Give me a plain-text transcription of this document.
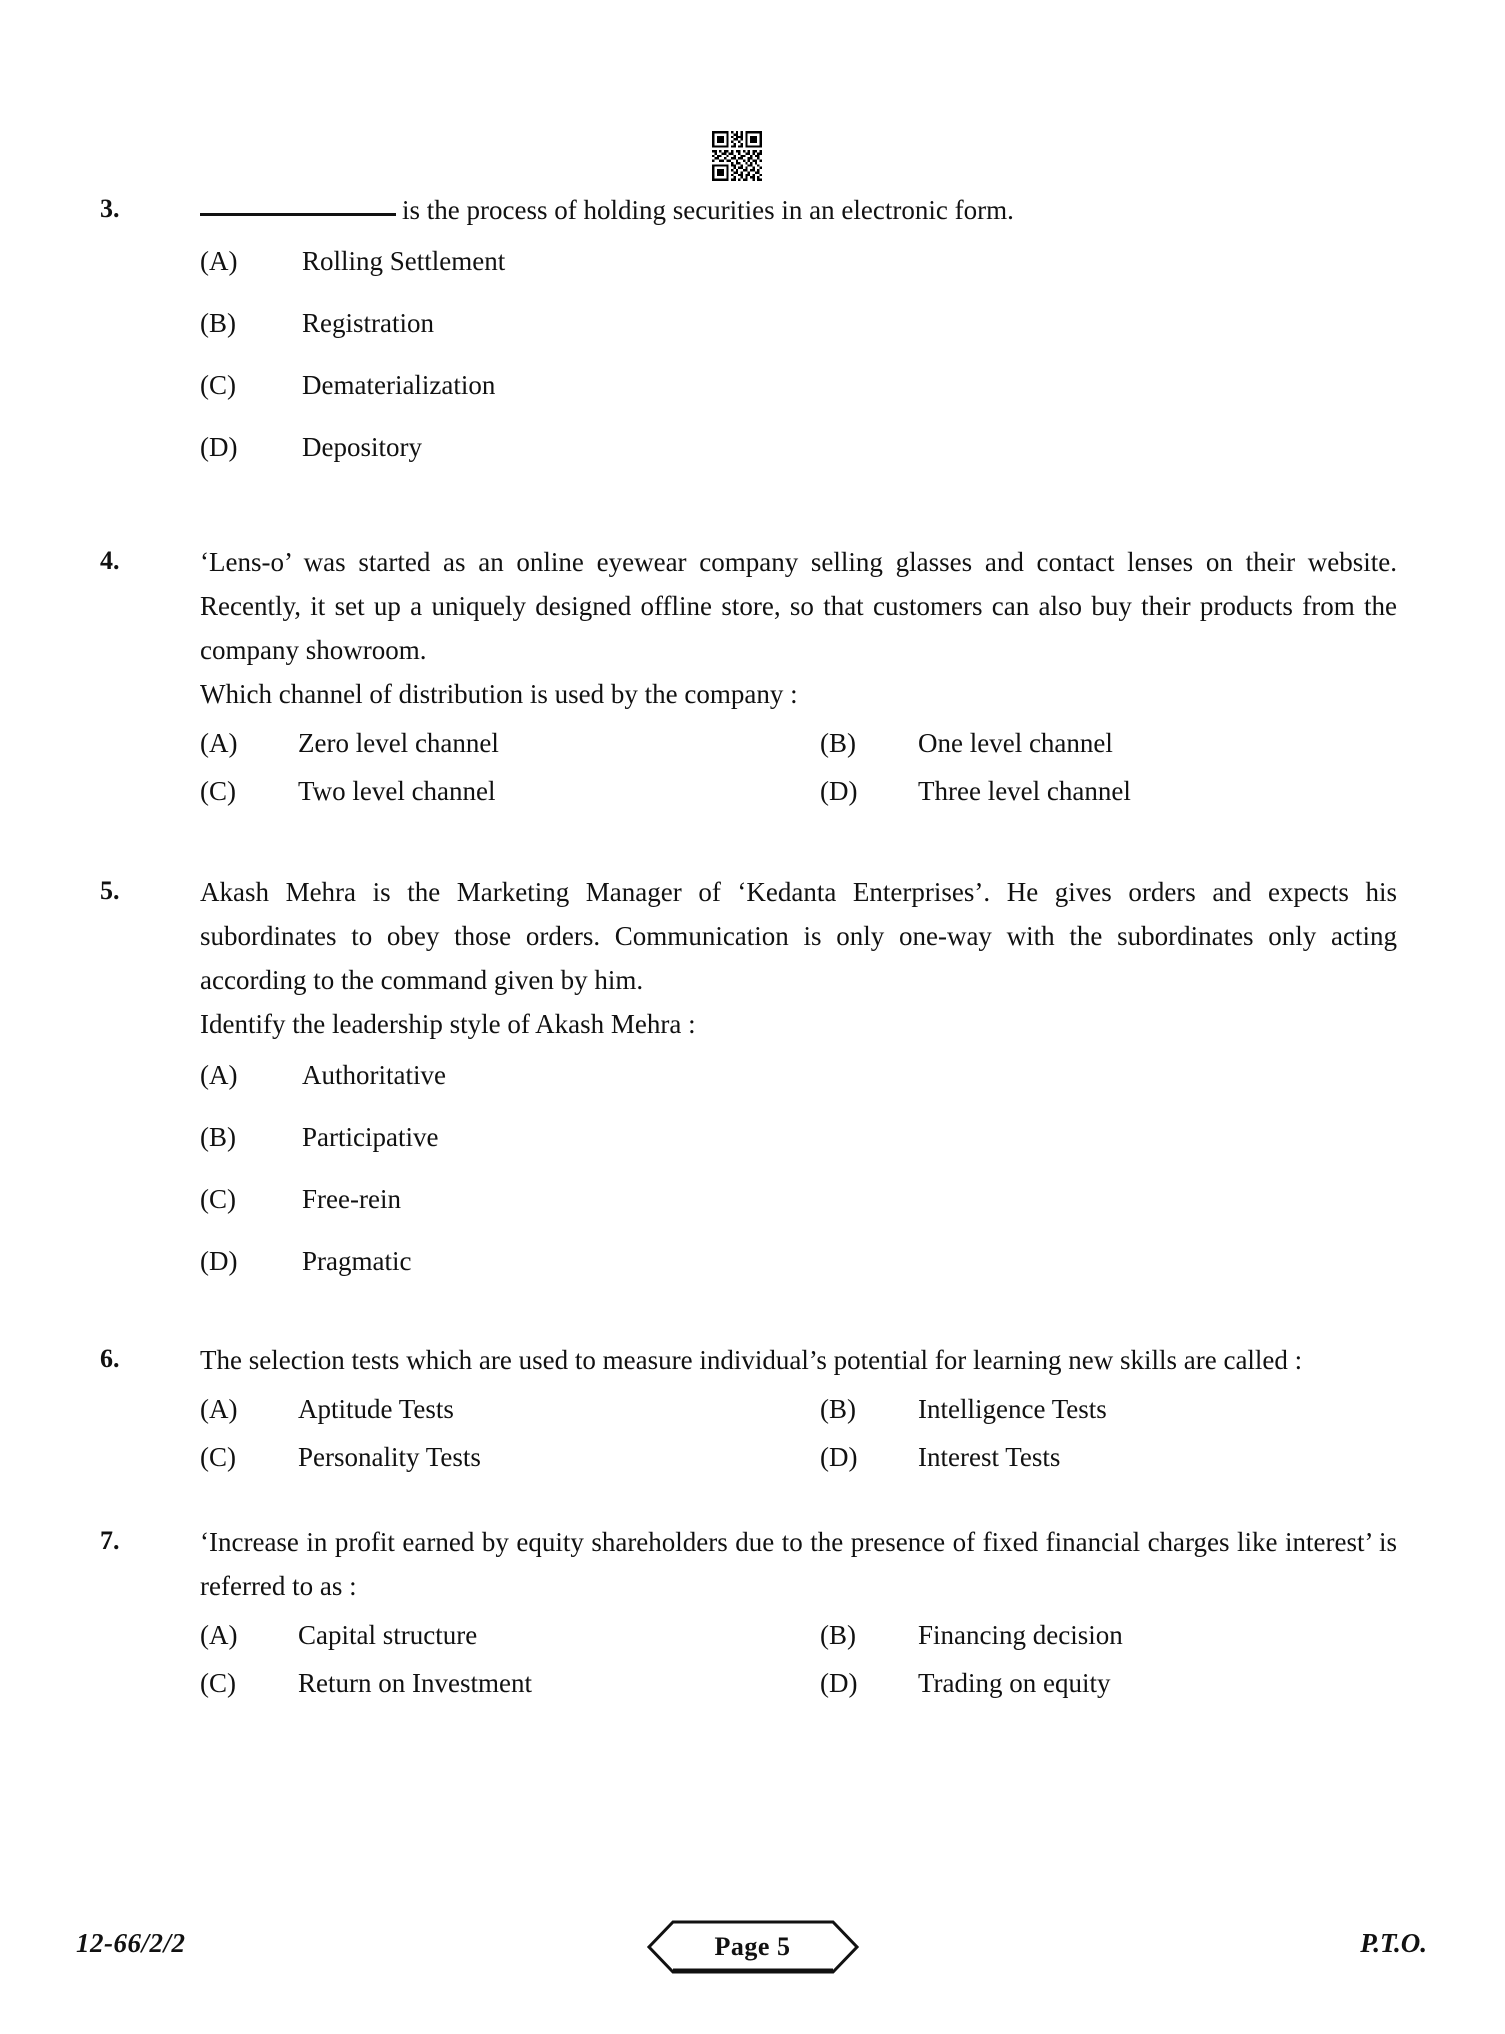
3.	is the process of holding securities in an electronic form.
(A)	Rolling Settlement
(B)	Registration
(C)	Dematerialization
(D)	Depository
4.	‘Lens-o’ was started as an online eyewear company selling glasses and contact lenses on their website. Recently, it set up a uniquely designed offline store, so that customers can also buy their products from the company showroom.
Which channel of distribution is used by the company :
(A)	Zero level channel	(B)	One level channel
(C)	Two level channel	(D)	Three level channel
5.	Akash Mehra is the Marketing Manager of ‘Kedanta Enterprises’. He gives orders and expects his subordinates to obey those orders. Communication is only one-way with the subordinates only acting according to the command given by him.
Identify the leadership style of Akash Mehra :
(A)	Authoritative
(B)	Participative
(C)	Free-rein
(D)	Pragmatic
6.	The selection tests which are used to measure individual’s potential for learning new skills are called :
(A)	Aptitude Tests	(B)	Intelligence Tests
(C)	Personality Tests	(D)	Interest Tests
7.	‘Increase in profit earned by equity shareholders due to the presence of fixed financial charges like interest’ is referred to as :
(A)	Capital structure	(B)	Financing decision
(C)	Return on Investment	(D)	Trading on equity
12-66/2/2	Page 5	P.T.O.
